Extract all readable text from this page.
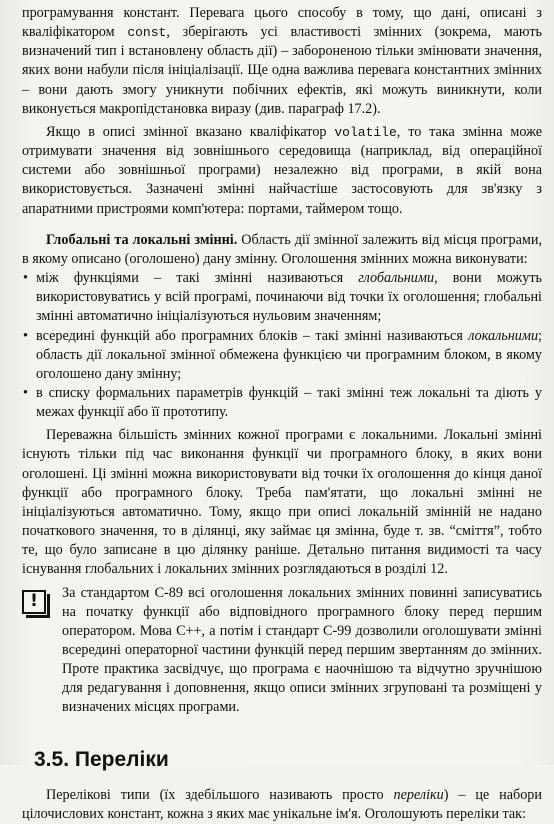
програмування констант. Перевага цього способу в тому, що дані, описані з кваліфікатором const, зберігають усі властивості змінних (зокрема, мають визначений тип і встановлену область дії) – забороненою тільки змінювати значення, яких вони набули після ініціалізації. Ще одна важлива перевага константних змінних – вони дають змогу уникнути побічних ефектів, які можуть виникнути, коли виконується макропідстановка виразу (див. параграф 17.2).

Якщо в описі змінної вказано кваліфікатор volatile, то така змінна може отримувати значення від зовнішнього середовища (наприклад, від операційної системи або зовнішньої програми) незалежно від програми, в якій вона використовується. Зазначені змінні найчастіше застосовують для зв'язку з апаратними пристроями комп'ютера: портами, таймером тощо.

Глобальні та локальні змінні. Область дії змінної залежить від місця програми, в якому описано (оголошено) дану змінну. Оголошення змінних можна виконувати:

• між функціями – такі змінні називаються глобальними, вони можуть використовуватись у всій програмі, починаючи від точки їх оголошення; глобальні змінні автоматично ініціалізуються нульовим значенням;
• всередині функцій або програмних блоків – такі змінні називаються локальними; область дії локальної змінної обмежена функцією чи програмним блоком, в якому оголошено дану змінну;
• в списку формальних параметрів функцій – такі змінні теж локальні та діють у межах функції або її прототипу.

Переважна більшість змінних кожної програми є локальними. Локальні змінні існують тільки під час виконання функції чи програмного блоку, в яких вони оголошені. Ці змінні можна використовувати від точки їх оголошення до кінця даної функції або програмного блоку. Треба пам'ятати, що локальні змінні не ініціалізуються автоматично. Тому, якщо при описі локальній змінній не надано початкового значення, то в ділянці, яку займає ця змінна, буде т. зв. “сміття”, тобто те, що було записане в цю ділянку раніше. Детально питання видимості та часу існування глобальних і локальних змінних розглядаються в розділі 12.

!	За стандартом C-89 всі оголошення локальних змінних повинні записуватись на початку функції або відповідного програмного блоку перед першим оператором. Мова C++, а потім і стандарт C-99 дозволили оголошувати змінні всередині операторної частини функцій перед першим звертанням до змінних. Проте практика засвідчує, що програма є наочнішою та відчутно зручнішою для редагування і доповнення, якщо описи змінних згруповані та розміщені у визначених місцях програми.

3.5. Переліки

Перелікові типи (їх здебільшого називають просто переліки) – це набори цілочислових констант, кожна з яких має унікальне ім'я. Оголошують переліки так:
